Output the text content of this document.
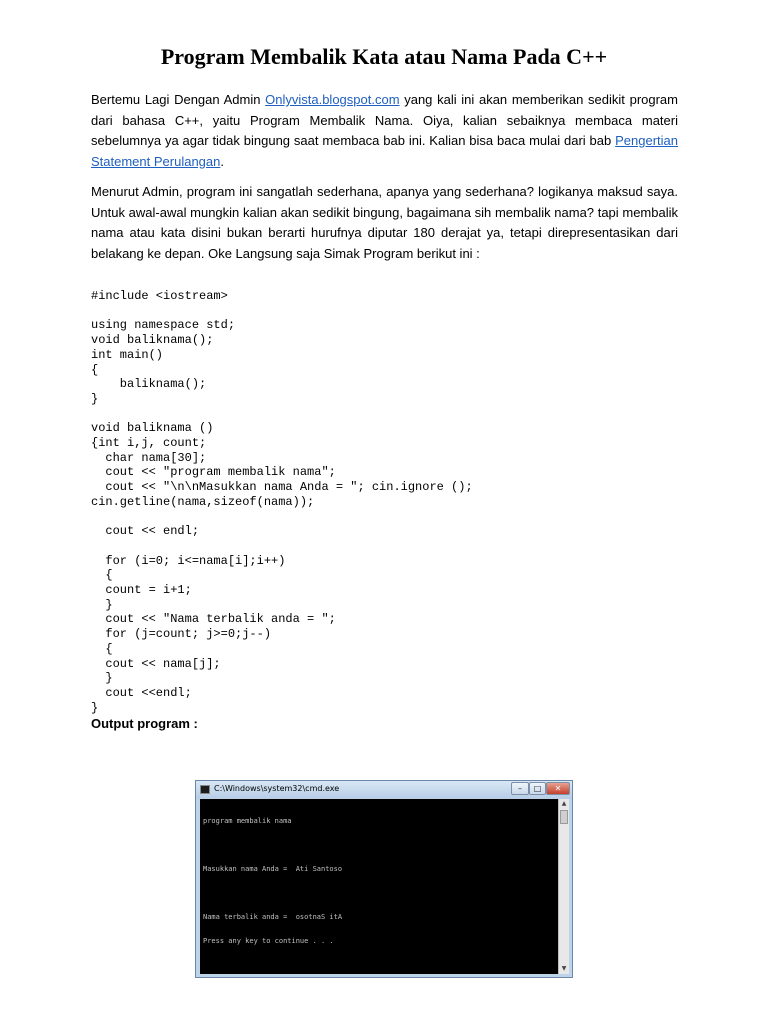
Program Membalik Kata atau Nama Pada C++

Bertemu Lagi Dengan Admin Onlyvista.blogspot.com yang kali ini akan memberikan sedikit program dari bahasa C++, yaitu Program Membalik Nama. Oiya, kalian sebaiknya membaca materi sebelumnya ya agar tidak bingung saat membaca bab ini. Kalian bisa baca mulai dari bab Pengertian Statement Perulangan.

Menurut Admin, program ini sangatlah sederhana, apanya yang sederhana? logikanya maksud saya. Untuk awal-awal mungkin kalian akan sedikit bingung, bagaimana sih membalik nama? tapi membalik nama atau kata disini bukan berarti hurufnya diputar 180 derajat ya, tetapi direpresentasikan dari belakang ke depan. Oke Langsung saja Simak Program berikut ini :

#include <iostream>

using namespace std;
void baliknama();
int main()
{
baliknama();
}

void baliknama ()
{int i,j, count;
char nama[30];
cout << "program membalik nama";
cout << "\n\nMasukkan nama Anda = "; cin.ignore ();
cin.getline(nama,sizeof(nama));

cout << endl;

for (i=0; i<=nama[i];i++)
{
count = i+1;
}
cout << "Nama terbalik anda = ";
for (j=count; j>=0;j--)
{
cout << nama[j];
}
cout <<endl;
}

Output program :

C:\Windows\system32\cmd.exe	–	□	✕

program membalik nama

Masukkan nama Anda =  Ati Santoso

Nama terbalik anda =  osotnaS itA

Press any key to continue . . .

▲
▼
